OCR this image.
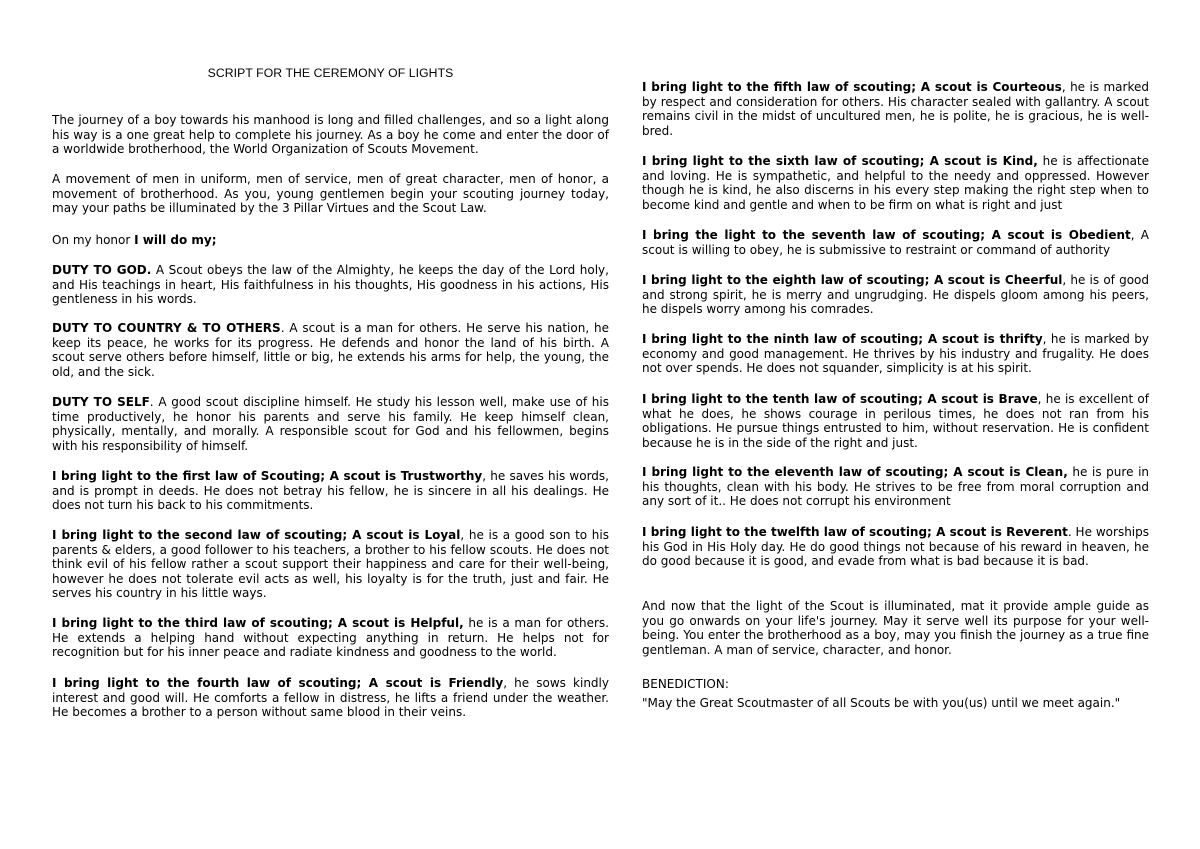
SCRIPT FOR THE CEREMONY OF LIGHTS

The journey of a boy towards his manhood is long and filled challenges, and so a light along his way is a one great help to complete his journey. As a boy he come and enter the door of a worldwide brotherhood, the World Organization of Scouts Movement.

A movement of men in uniform, men of service, men of great character, men of honor, a movement of brotherhood. As you, young gentlemen begin your scouting journey today, may your paths be illuminated by the 3 Pillar Virtues and the Scout Law.

On my honor I will do my;

DUTY TO GOD. A Scout obeys the law of the Almighty, he keeps the day of the Lord holy, and His teachings in heart, His faithfulness in his thoughts, His goodness in his actions, His gentleness in his words.

DUTY TO COUNTRY & TO OTHERS. A scout is a man for others. He serve his nation, he keep its peace, he works for its progress. He defends and honor the land of his birth. A scout serve others before himself, little or big, he extends his arms for help, the young, the old, and the sick.

DUTY TO SELF. A good scout discipline himself. He study his lesson well, make use of his time productively, he honor his parents and serve his family. He keep himself clean, physically, mentally, and morally. A responsible scout for God and his fellowmen, begins with his responsibility of himself.

I bring light to the first law of Scouting; A scout is Trustworthy, he saves his words, and is prompt in deeds. He does not betray his fellow, he is sincere in all his dealings. He does not turn his back to his commitments.

I bring light to the second law of scouting; A scout is Loyal, he is a good son to his parents & elders, a good follower to his teachers, a brother to his fellow scouts. He does not think evil of his fellow rather a scout support their happiness and care for their well-being, however he does not tolerate evil acts as well, his loyalty is for the truth, just and fair. He serves his country in his little ways.

I bring light to the third law of scouting; A scout is Helpful, he is a man for others. He extends a helping hand without expecting anything in return. He helps not for recognition but for his inner peace and radiate kindness and goodness to the world.

I bring light to the fourth law of scouting; A scout is Friendly, he sows kindly interest and good will. He comforts a fellow in distress, he lifts a friend under the weather. He becomes a brother to a person without same blood in their veins.

I bring light to the fifth law of scouting; A scout is Courteous, he is marked by respect and consideration for others. His character sealed with gallantry. A scout remains civil in the midst of uncultured men, he is polite, he is gracious, he is well-bred.

I bring light to the sixth law of scouting; A scout is Kind, he is affectionate and loving. He is sympathetic, and helpful to the needy and oppressed. However though he is kind, he also discerns in his every step making the right step when to become kind and gentle and when to be firm on what is right and just

I bring the light to the seventh law of scouting; A scout is Obedient, A scout is willing to obey, he is submissive to restraint or command of authority

I bring light to the eighth law of scouting; A scout is Cheerful, he is of good and strong spirit, he is merry and ungrudging. He dispels gloom among his peers, he dispels worry among his comrades.

I bring light to the ninth law of scouting; A scout is thrifty, he is marked by economy and good management. He thrives by his industry and frugality. He does not over spends. He does not squander, simplicity is at his spirit.

I bring light to the tenth law of scouting; A scout is Brave, he is excellent of what he does, he shows courage in perilous times, he does not ran from his obligations. He pursue things entrusted to him, without reservation. He is confident because he is in the side of the right and just.

I bring light to the eleventh law of scouting; A scout is Clean, he is pure in his thoughts, clean with his body. He strives to be free from moral corruption and any sort of it.. He does not corrupt his environment

I bring light to the twelfth law of scouting; A scout is Reverent. He worships his God in His Holy day. He do good things not because of his reward in heaven, he do good because it is good, and evade from what is bad because it is bad.

And now that the light of the Scout is illuminated, mat it provide ample guide as you go onwards on your life's journey. May it serve well its purpose for your well-being. You enter the brotherhood as a boy, may you finish the journey as a true fine gentleman. A man of service, character, and honor.

BENEDICTION:

"May the Great Scoutmaster of all Scouts be with you(us) until we meet again."
